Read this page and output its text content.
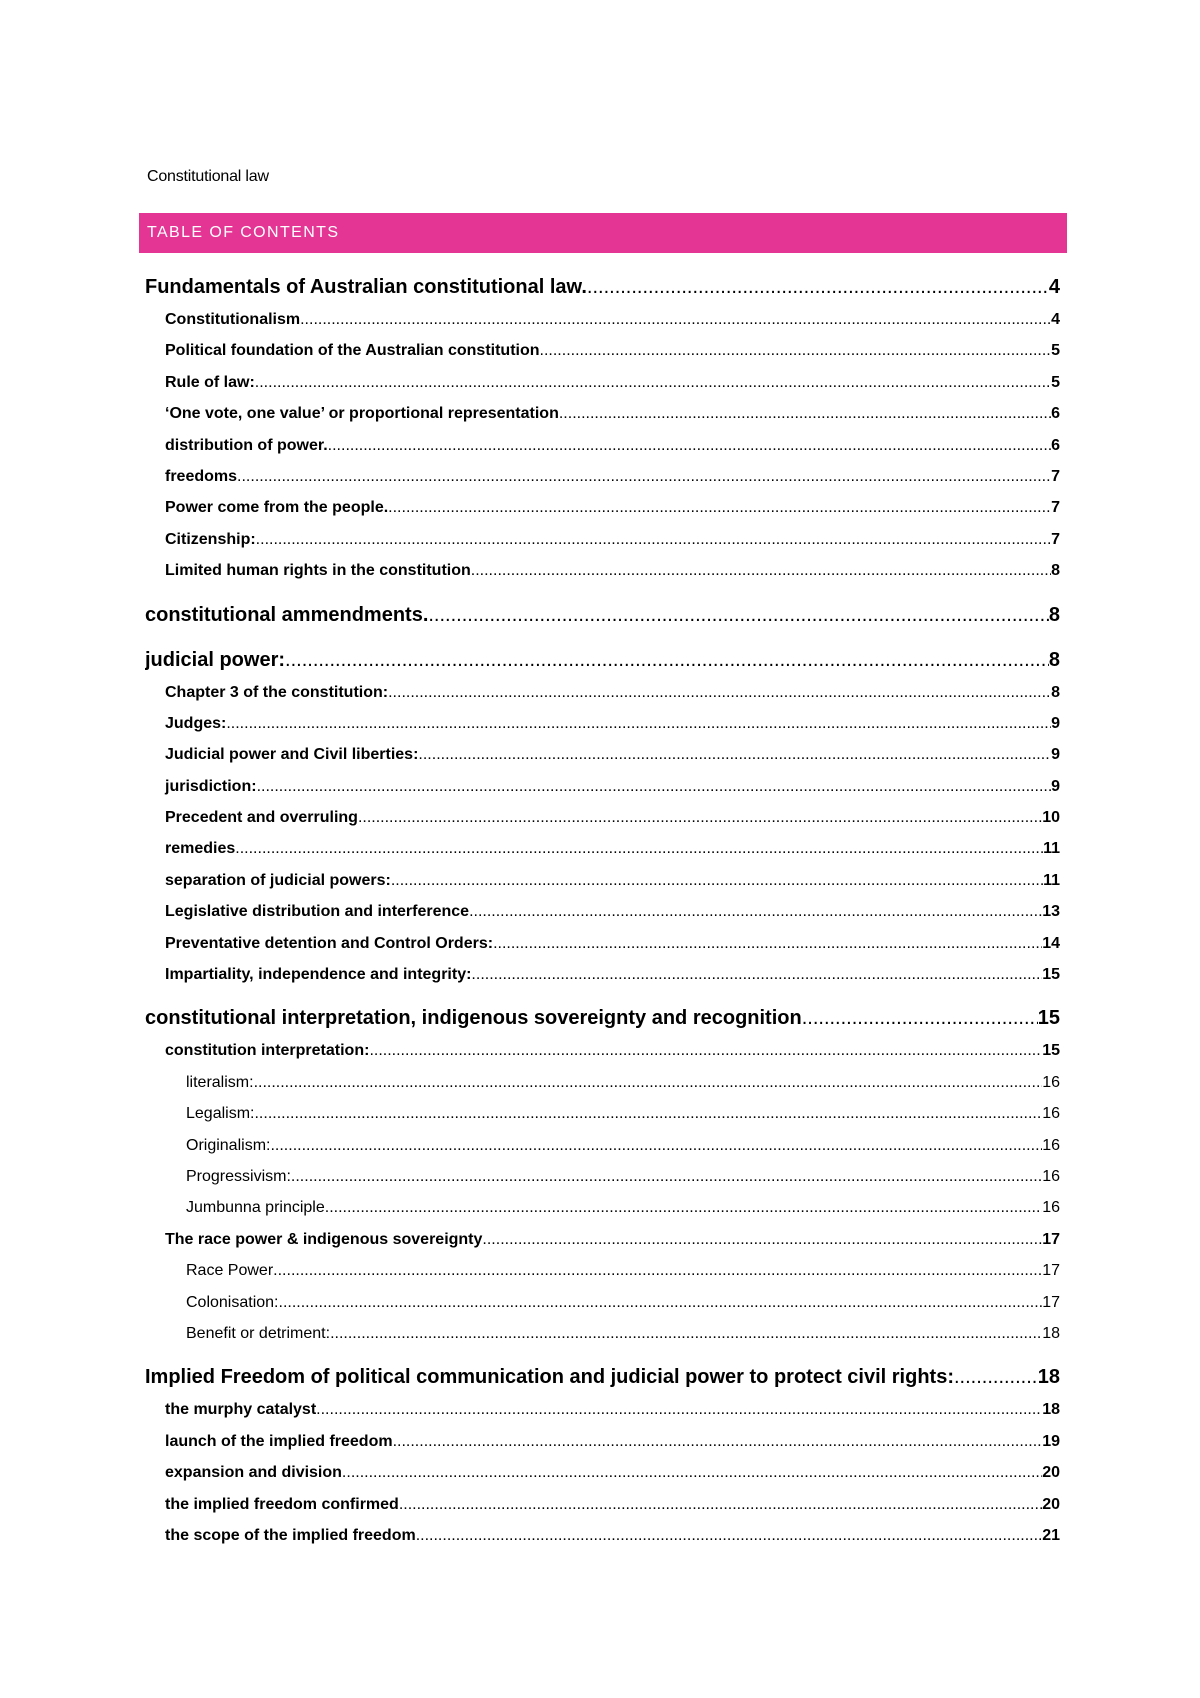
Constitutional law
TABLE OF CONTENTS
Fundamentals of Australian constitutional law. .....	4
Constitutionalism .....	4
Political foundation of the Australian constitution .....	5
Rule of law: .....	5
‘One vote, one value’ or proportional representation .....	6
distribution of power. .....	6
freedoms .....	7
Power come from the people. .....	7
Citizenship: .....	7
Limited human rights in the constitution .....	8
constitutional ammendments. .....	8
judicial power: .....	8
Chapter 3 of the constitution: .....	8
Judges: .....	9
Judicial power and Civil liberties: .....	9
jurisdiction: .....	9
Precedent and overruling .....	10
remedies .....	11
separation of judicial powers: .....	11
Legislative distribution and interference .....	13
Preventative detention and Control Orders: .....	14
Impartiality, independence and integrity: .....	15
constitutional interpretation, indigenous sovereignty and recognition .....	15
constitution interpretation: .....	15
literalism: .....	16
Legalism: .....	16
Originalism: .....	16
Progressivism: .....	16
Jumbunna principle .....	16
The race power & indigenous sovereignty .....	17
Race Power .....	17
Colonisation: .....	17
Benefit or detriment: .....	18
Implied Freedom of political communication and judicial power to protect civil rights: .....	18
the murphy catalyst .....	18
launch of the implied freedom .....	19
expansion and division .....	20
the implied freedom confirmed .....	20
the scope of the implied freedom .....	21
